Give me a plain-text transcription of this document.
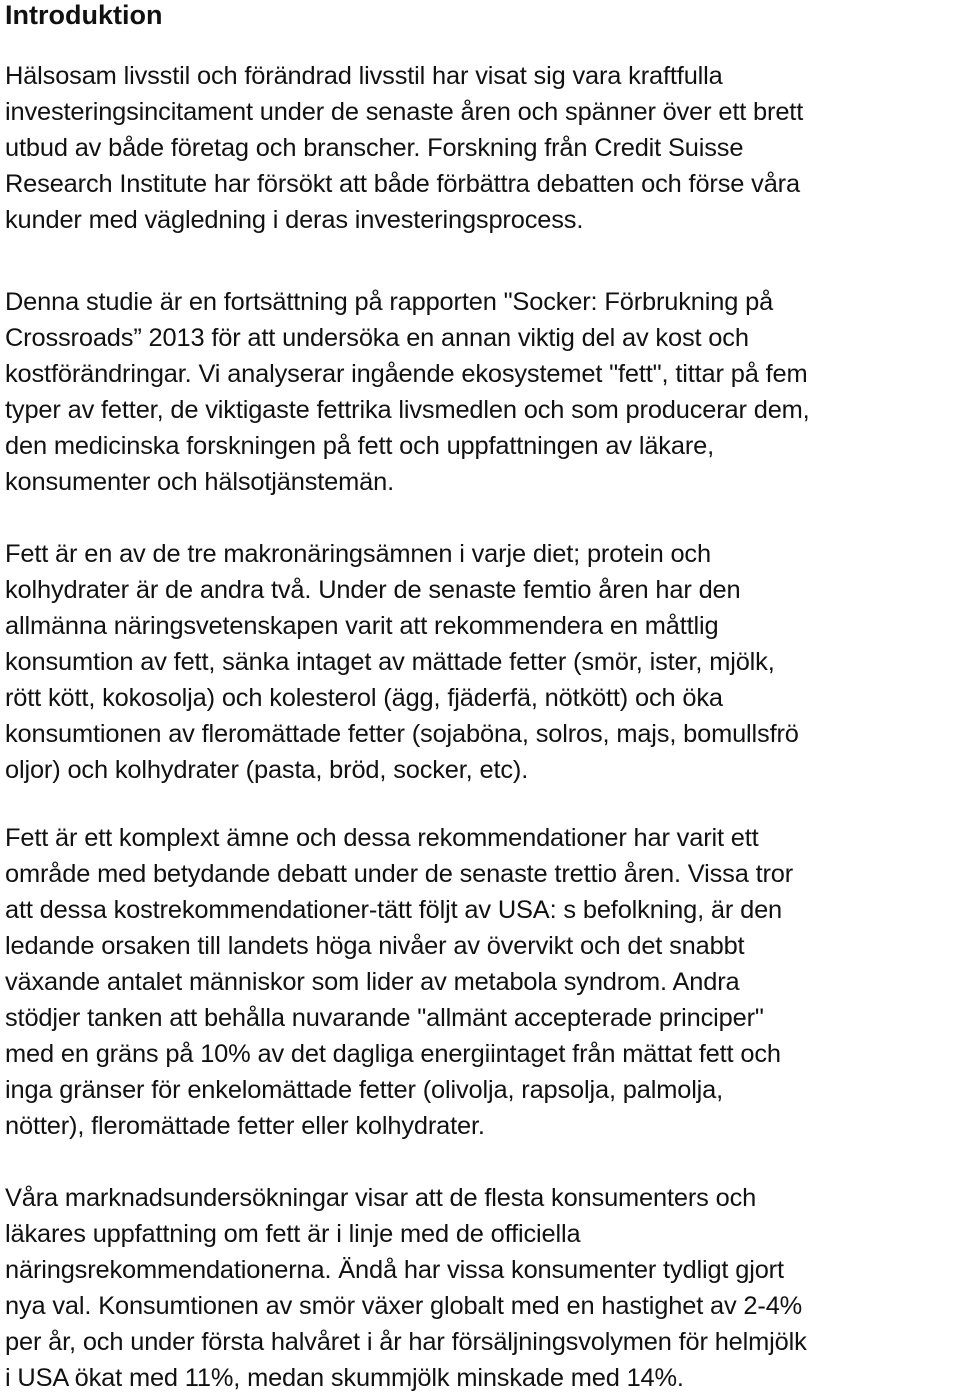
Introduktion
Hälsosam livsstil och förändrad livsstil har visat sig vara kraftfulla
investeringsincitament under de senaste åren och spänner över ett brett
utbud av både företag och branscher. Forskning från Credit Suisse
Research Institute har försökt att både förbättra debatten och förse våra
kunder med vägledning i deras investeringsprocess.
Denna studie är en fortsättning på rapporten "Socker: Förbrukning på
Crossroads” 2013 för att undersöka en annan viktig del av kost och
kostförändringar. Vi analyserar ingående ekosystemet "fett", tittar på fem
typer av fetter, de viktigaste fettrika livsmedlen och som producerar dem,
den medicinska forskningen på fett och uppfattningen av läkare,
konsumenter och hälsotjänstemän.
Fett är en av de tre makronäringsämnen i varje diet; protein och
kolhydrater är de andra två. Under de senaste femtio åren har den
allmänna näringsvetenskapen varit att rekommendera en måttlig
konsumtion av fett, sänka intaget av mättade fetter (smör, ister, mjölk,
rött kött, kokosolja) och kolesterol (ägg, fjäderfä, nötkött) och öka
konsumtionen av fleromättade fetter (sojaböna, solros, majs, bomullsfrö
oljor) och kolhydrater (pasta, bröd, socker, etc).
Fett är ett komplext ämne och dessa rekommendationer har varit ett
område med betydande debatt under de senaste trettio åren. Vissa tror
att dessa kostrekommendationer-tätt följt av USA: s befolkning, är den
ledande orsaken till landets höga nivåer av övervikt och det snabbt
växande antalet människor som lider av metabola syndrom. Andra
stödjer tanken att behålla nuvarande "allmänt accepterade principer"
med en gräns på 10% av det dagliga energiintaget från mättat fett och
inga gränser för enkelomättade fetter (olivolja, rapsolja, palmolja,
nötter), fleromättade fetter eller kolhydrater.
Våra marknadsundersökningar visar att de flesta konsumenters och
läkares uppfattning om fett är i linje med de officiella
näringsrekommendationerna. Ändå har vissa konsumenter tydligt gjort
nya val. Konsumtionen av smör växer globalt med en hastighet av 2-4%
per år, och under första halvåret i år har försäljningsvolymen för helmjölk
i USA ökat med 11%, medan skummjölk minskade med 14%.
